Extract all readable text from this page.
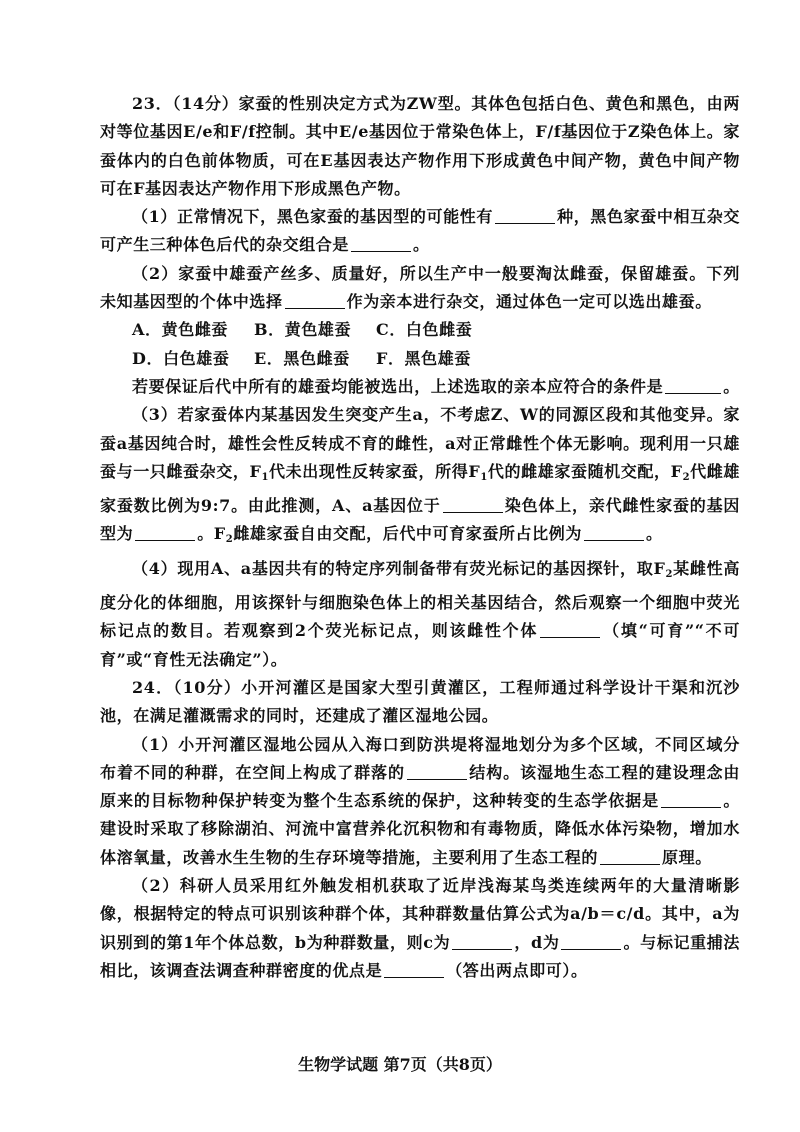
23．（14分）家蚕的性别决定方式为ZW型。其体色包括白色、黄色和黑色，由两对等位基因E/e和F/f控制。其中E/e基因位于常染色体上，F/f基因位于Z染色体上。家蚕体内的白色前体物质，可在E基因表达产物作用下形成黄色中间产物，黄色中间产物可在F基因表达产物作用下形成黑色产物。

（1）正常情况下，黑色家蚕的基因型的可能性有	种，黑色家蚕中相互杂交可产生三种体色后代的杂交组合是	。

（2）家蚕中雄蚕产丝多、质量好，所以生产中一般要淘汰雌蚕，保留雄蚕。下列未知基因型的个体中选择	作为亲本进行杂交，通过体色一定可以选出雄蚕。

A．黄色雌蚕	B．黄色雄蚕	C．白色雌蚕
D．白色雄蚕	E．黑色雌蚕	F．黑色雄蚕

若要保证后代中所有的雄蚕均能被选出，上述选取的亲本应符合的条件是	。

（3）若家蚕体内某基因发生突变产生a，不考虑Z、W的同源区段和其他变异。家蚕a基因纯合时，雄性会性反转成不育的雌性，a对正常雌性个体无影响。现利用一只雄蚕与一只雌蚕杂交，$F_1$代未出现性反转家蚕，所得$F_1$代的雌雄家蚕随机交配，$F_2$代雌雄家蚕数比例为9:7。由此推测，A、a基因位于	染色体上，亲代雌性家蚕的基因型为	。$F_2$雌雄家蚕自由交配，后代中可育家蚕所占比例为	。

（4）现用A、a基因共有的特定序列制备带有荧光标记的基因探针，取$F_2$某雌性高度分化的体细胞，用该探针与细胞染色体上的相关基因结合，然后观察一个细胞中荧光标记点的数目。若观察到2个荧光标记点，则该雌性个体	（填“可育”“不可育”或“育性无法确定”）。

24．（10分）小开河灌区是国家大型引黄灌区，工程师通过科学设计干渠和沉沙池，在满足灌溉需求的同时，还建成了灌区湿地公园。

（1）小开河灌区湿地公园从入海口到防洪堤将湿地划分为多个区域，不同区域分布着不同的种群，在空间上构成了群落的	结构。该湿地生态工程的建设理念由原来的目标物种保护转变为整个生态系统的保护，这种转变的生态学依据是	。建设时采取了移除湖泊、河流中富营养化沉积物和有毒物质，降低水体污染物，增加水体溶氧量，改善水生生物的生存环境等措施，主要利用了生态工程的	原理。

（2）科研人员采用红外触发相机获取了近岸浅海某鸟类连续两年的大量清晰影像，根据特定的特点可识别该种群个体，其种群数量估算公式为a/b＝c/d。其中，a为识别到的第1年个体总数，b为种群数量，则c为	，d为	。与标记重捕法相比，该调查法调查种群密度的优点是	（答出两点即可）。

生物学试题 第7页（共8页）
